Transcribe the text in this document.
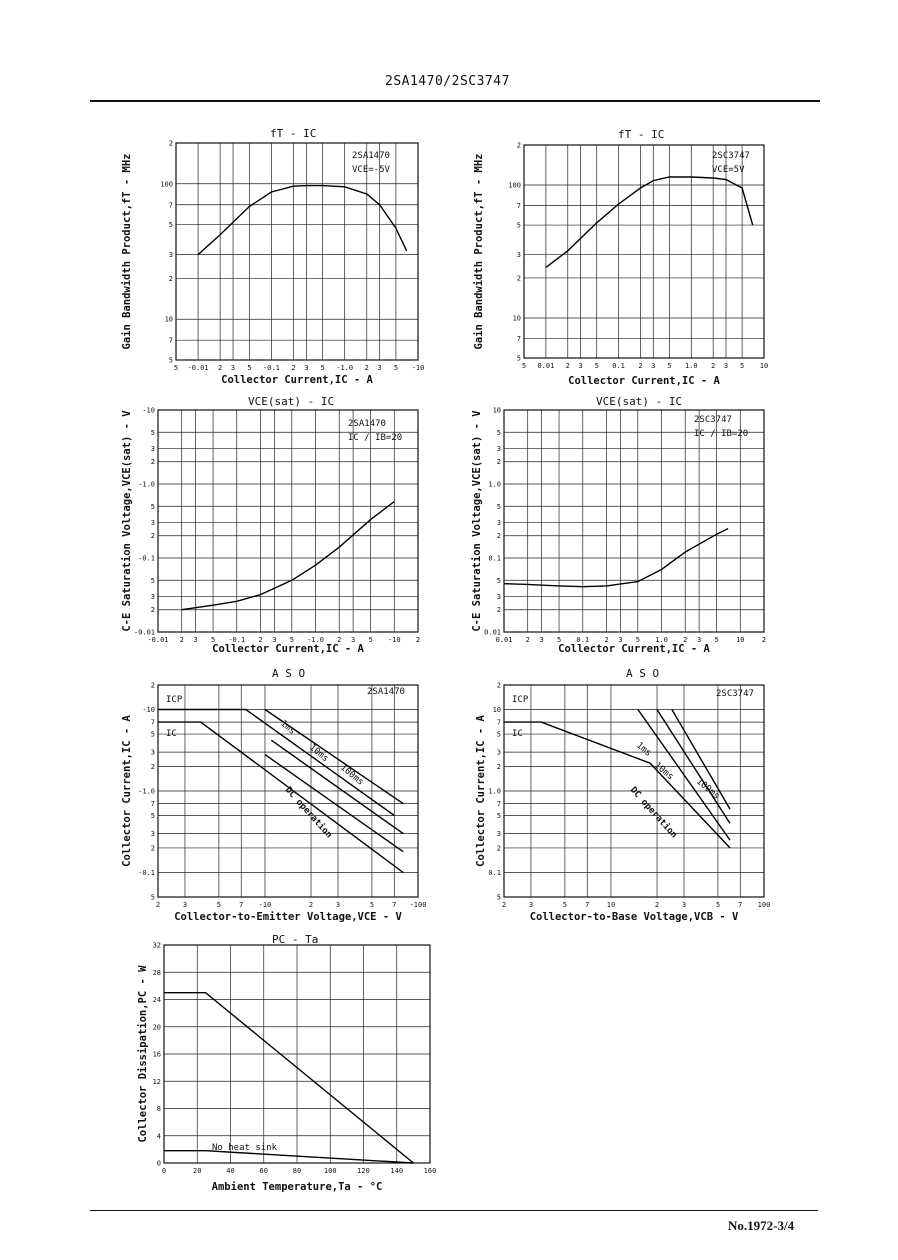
2SA1470/2SC3747
5 -0.01 2 3 5 -0.1 2 3 5 -1.0 2 3 5 -10
5
7
10
2
3
5
7
100
2
fT - IC
Collector Current,IC - A
Gain Bandwidth Product,fT - MHz	2SA1470
VCE=-5V
5 0.01 2 3 5 0.1 2 3 5 1.0 2 3 5 10
5
7
10
2
3
5
7
100
2
fT - IC
Collector Current,IC - A
Gain Bandwidth Product,fT - MHz	2SC3747
VCE=5V
-0.01 2 3 5 -0.1 2 3 5 -1.0 2 3 5 -10 2
-0.01
2
3
5
-0.1
2
3
5
-1.0
2
3
5
-10
VCE(sat) - IC
Collector Current,IC - A
C-E Saturation Voltage,VCE(sat) - V	2SA1470
IC / IB=20
0.01 2 3 5 0.1 2 3 5 1.0 2 3 5 10 2
0.01
2
3
5
0.1
2
3
5
1.0
2
3
5
10
VCE(sat) - IC
Collector Current,IC - A
C-E Saturation Voltage,VCE(sat) - V	2SC3747
IC / IB=20
2	3	5	7 -10	2	3	5	7 -100
5
-0.1
2
3
5
7
-1.0
2
3
5
7
-10
2
A S O
Collector-to-Emitter Voltage,VCE - V
Collector Current,IC - A
2SA1470
ICP
IC	1ms
10ms
100ms
DC operation
2	3	5	7 10	2	3	5	7 100
5
0.1
2
3
5
7
1.0
2
3
5
7
10
2
A S O
Collector-to-Base Voltage,VCB - V
Collector Current,IC - A
2SC3747
ICP
IC
1ms
10ms
100ms
DC operation
0	20	40	60	80	100	120	140	160
0
4
8
12
16
20
24
28
32	PC - Ta
Ambient Temperature,Ta - °C
Collector Dissipation,PC - W
No heat sink
No.1972-3/4
